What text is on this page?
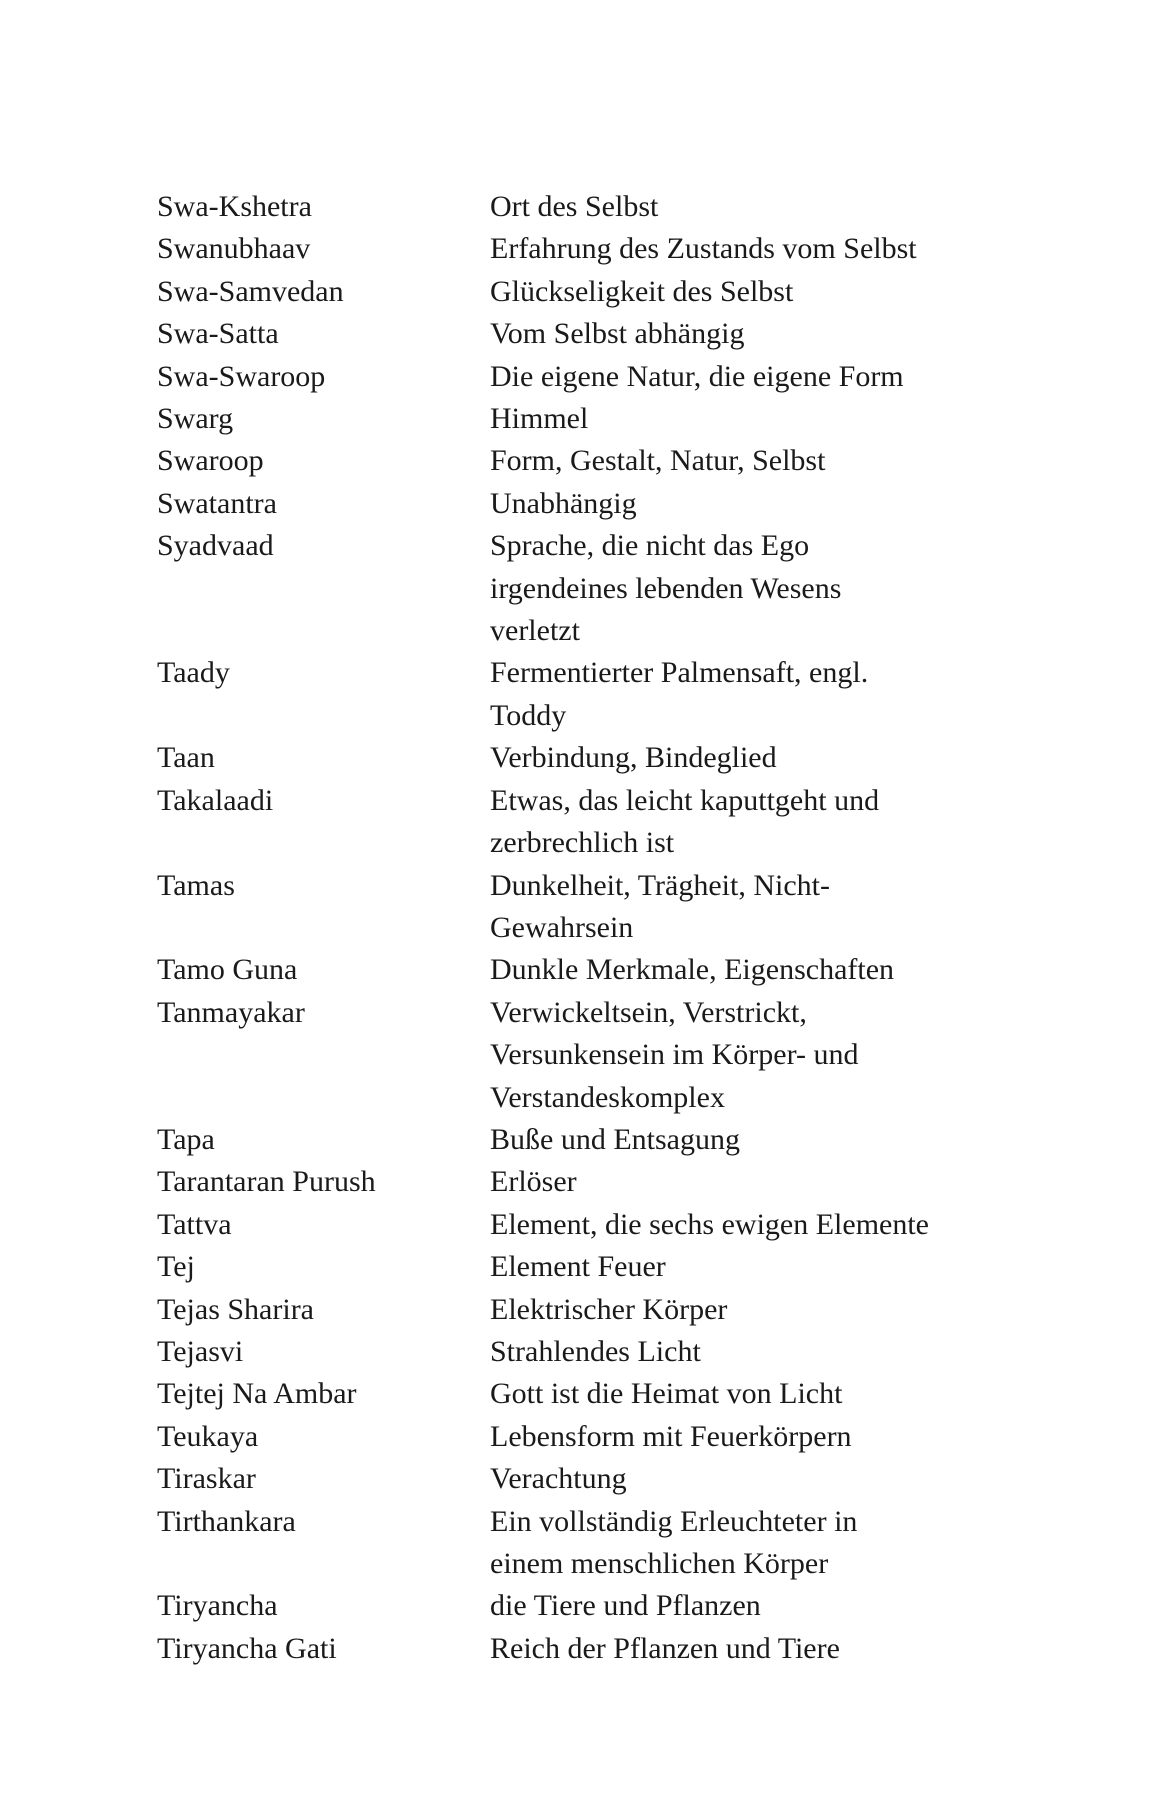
Swa-Kshetra	Ort des Selbst
Swanubhaav	Erfahrung des Zustands vom Selbst
Swa-Samvedan	Glückseligkeit des Selbst
Swa-Satta	Vom Selbst abhängig
Swa-Swaroop	Die eigene Natur, die eigene Form
Swarg	Himmel
Swaroop	Form, Gestalt, Natur, Selbst
Swatantra	Unabhängig
Syadvaad	Sprache, die nicht das Ego
irgendeines lebenden Wesens
verletzt
Taady	Fermentierter Palmensaft, engl.
Toddy
Taan	Verbindung, Bindeglied
Takalaadi	Etwas, das leicht kaputtgeht und
zerbrechlich ist
Tamas	Dunkelheit, Trägheit, Nicht-
Gewahrsein
Tamo Guna	Dunkle Merkmale, Eigenschaften
Tanmayakar	Verwickeltsein, Verstrickt,
Versunkensein im Körper- und
Verstandeskomplex
Tapa	Buße und Entsagung
Tarantaran Purush	Erlöser
Tattva	Element, die sechs ewigen Elemente
Tej	Element Feuer
Tejas Sharira	Elektrischer Körper
Tejasvi	Strahlendes Licht
Tejtej Na Ambar	Gott ist die Heimat von Licht
Teukaya	Lebensform mit Feuerkörpern
Tiraskar	Verachtung
Tirthankara	Ein vollständig Erleuchteter in
einem menschlichen Körper
Tiryancha	die Tiere und Pflanzen
Tiryancha Gati	Reich der Pflanzen und Tiere
